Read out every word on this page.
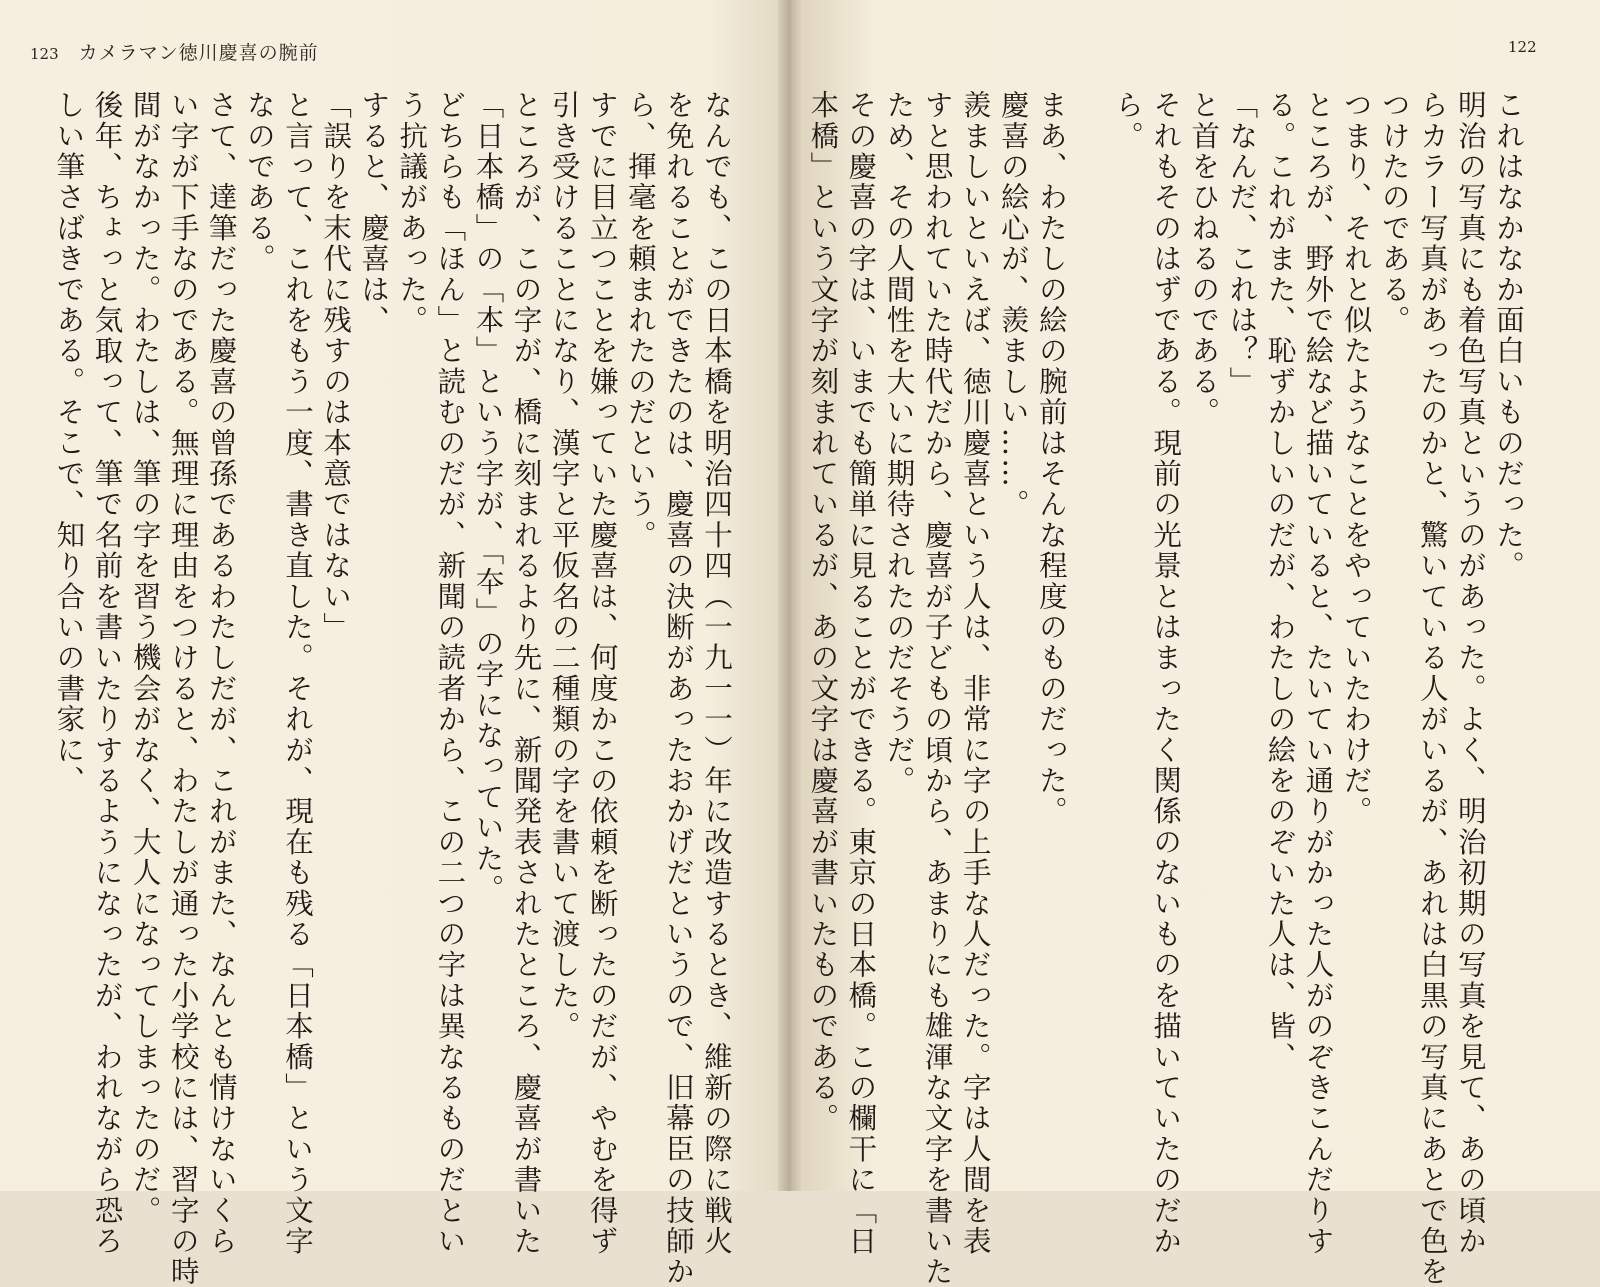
123 カメラマン徳川慶喜の腕前	122
これはなかなか面白いものだった。
明治の写真にも着色写真というのがあった。よく、明治初期の写真を見て、あの頃か
らカラー写真があったのかと、驚いている人がいるが、あれは白黒の写真にあとで色を
つけたのである。
つまり、それと似たようなことをやっていたわけだ。
ところが、野外で絵など描いていると、たいてい通りがかった人がのぞきこんだりす
る。これがまた、恥ずかしいのだが、わたしの絵をのぞいた人は、皆、
「なんだ、これは？」
と首をひねるのである。
それもそのはずである。現前の光景とはまったく関係のないものを描いていたのだか
ら。

まあ、わたしの絵の腕前はそんな程度のものだった。
慶喜の絵心が、羨ましい……。
羨ましいといえば、徳川慶喜という人は、非常に字の上手な人だった。字は人間を表
すと思われていた時代だから、慶喜が子どもの頃から、あまりにも雄渾な文字を書いた
ため、その人間性を大いに期待されたのだそうだ。
その慶喜の字は、いまでも簡単に見ることができる。東京の日本橋。この欄干に「日
本橋」という文字が刻まれているが、あの文字は慶喜が書いたものである。
なんでも、この日本橋を明治四十四（一九一一）年に改造するとき、維新の際に戦火
を免れることができたのは、慶喜の決断があったおかげだというので、旧幕臣の技師か
ら、揮毫を頼まれたのだという。
すでに目立つことを嫌っていた慶喜は、何度かこの依頼を断ったのだが、やむを得ず
引き受けることになり、漢字と平仮名の二種類の字を書いて渡した。
ところが、この字が、橋に刻まれるより先に、新聞発表されたところ、慶喜が書いた
「日本橋」の「本」という字が、「夲」の字になっていた。
どちらも「ほん」と読むのだが、新聞の読者から、この二つの字は異なるものだとい
う抗議があった。
すると、慶喜は、
「誤りを末代に残すのは本意ではない」
と言って、これをもう一度、書き直した。それが、現在も残る「日本橋」という文字
なのである。
さて、達筆だった慶喜の曾孫であるわたしだが、これがまた、なんとも情けないくら
い字が下手なのである。無理に理由をつけると、わたしが通った小学校には、習字の時
間がなかった。わたしは、筆の字を習う機会がなく、大人になってしまったのだ。
後年、ちょっと気取って、筆で名前を書いたりするようになったが、われながら恐ろ
しい筆さばきである。そこで、知り合いの書家に、
